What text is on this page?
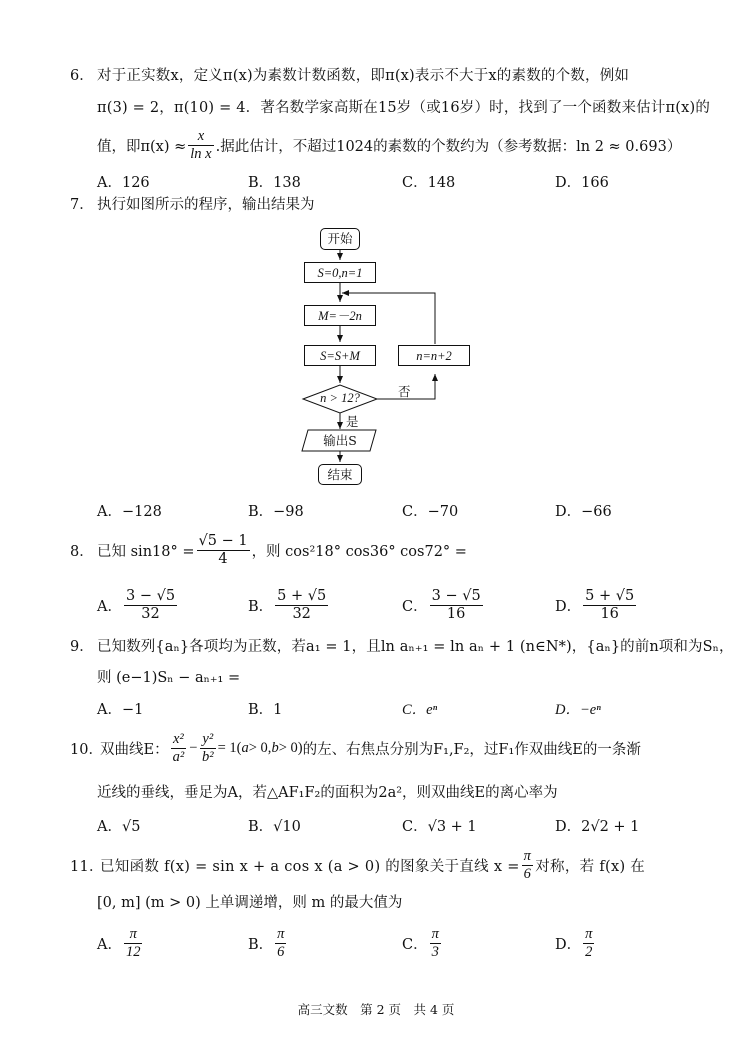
6． 对于正实数x，定义π(x)为素数计数函数，即π(x)表示不大于x的素数的个数，例如
π(3) = 2，π(10) = 4．著名数学家高斯在15岁（或16岁）时，找到了一个函数来估计π(x)的
值，即$\pi(x) \approx \frac{x}{\text{ln x}}$ .据此估计，不超过1024的素数的个数约为（参考数据：ln 2 ≈ 0.693）
A．126	B．138	C．148	D．166
7． 执行如图所示的程序，输出结果为
开始
S=0,n=1
M=－2n
S=S+M	n=n+2
n > 12?
是
否
输出S
结束
A．−128	B．−98	C．−70	D．−66
8． 已知 $\sin 18^\circ = \frac{√5 - 1}{4}$ ，则 cos²18° cos36° cos72° =
A． $\frac{3 - √5}{32}$	B． $\frac{5 + √5}{32}$	C． $\frac{3 - √5}{16}$	D． $\frac{5 + √5}{16}$
9． 已知数列{aₙ}各项均为正数，若a₁ = 1，且ln aₙ₊₁ = ln aₙ + 1 (n∈N*)，{aₙ}的前n项和为Sₙ，
则 (e−1)Sₙ − aₙ₊₁ =
A．−1	B．1	C．eⁿ	D．−eⁿ
10．
双曲线E：
x²
a²
− $\frac{\text{y²}}{\text{b²}} = 1$( a > 0, b > 0) 的左、右焦点分别为F₁,F₂，过F₁作双曲线E的一条渐
近线的垂线，垂足为A，若△AF₁F₂的面积为2a²，则双曲线E的离心率为
A．√5	B．√10	C．√3 + 1	D．2√2 + 1
11．
已知函数 f(x) = sin x + a cos x (a > 0) 的图象关于直线 $x = \frac{\pi}{6}$ 对称，若 f(x) 在
[0, m] (m > 0) 上单调递增，则 m 的最大值为
A． $\frac{\pi}{12}$	B． $\frac{\pi}{6}$	C． $\frac{\pi}{3}$	D． $\frac{\pi}{2}$
高三文数　第 2 页　共 4 页
